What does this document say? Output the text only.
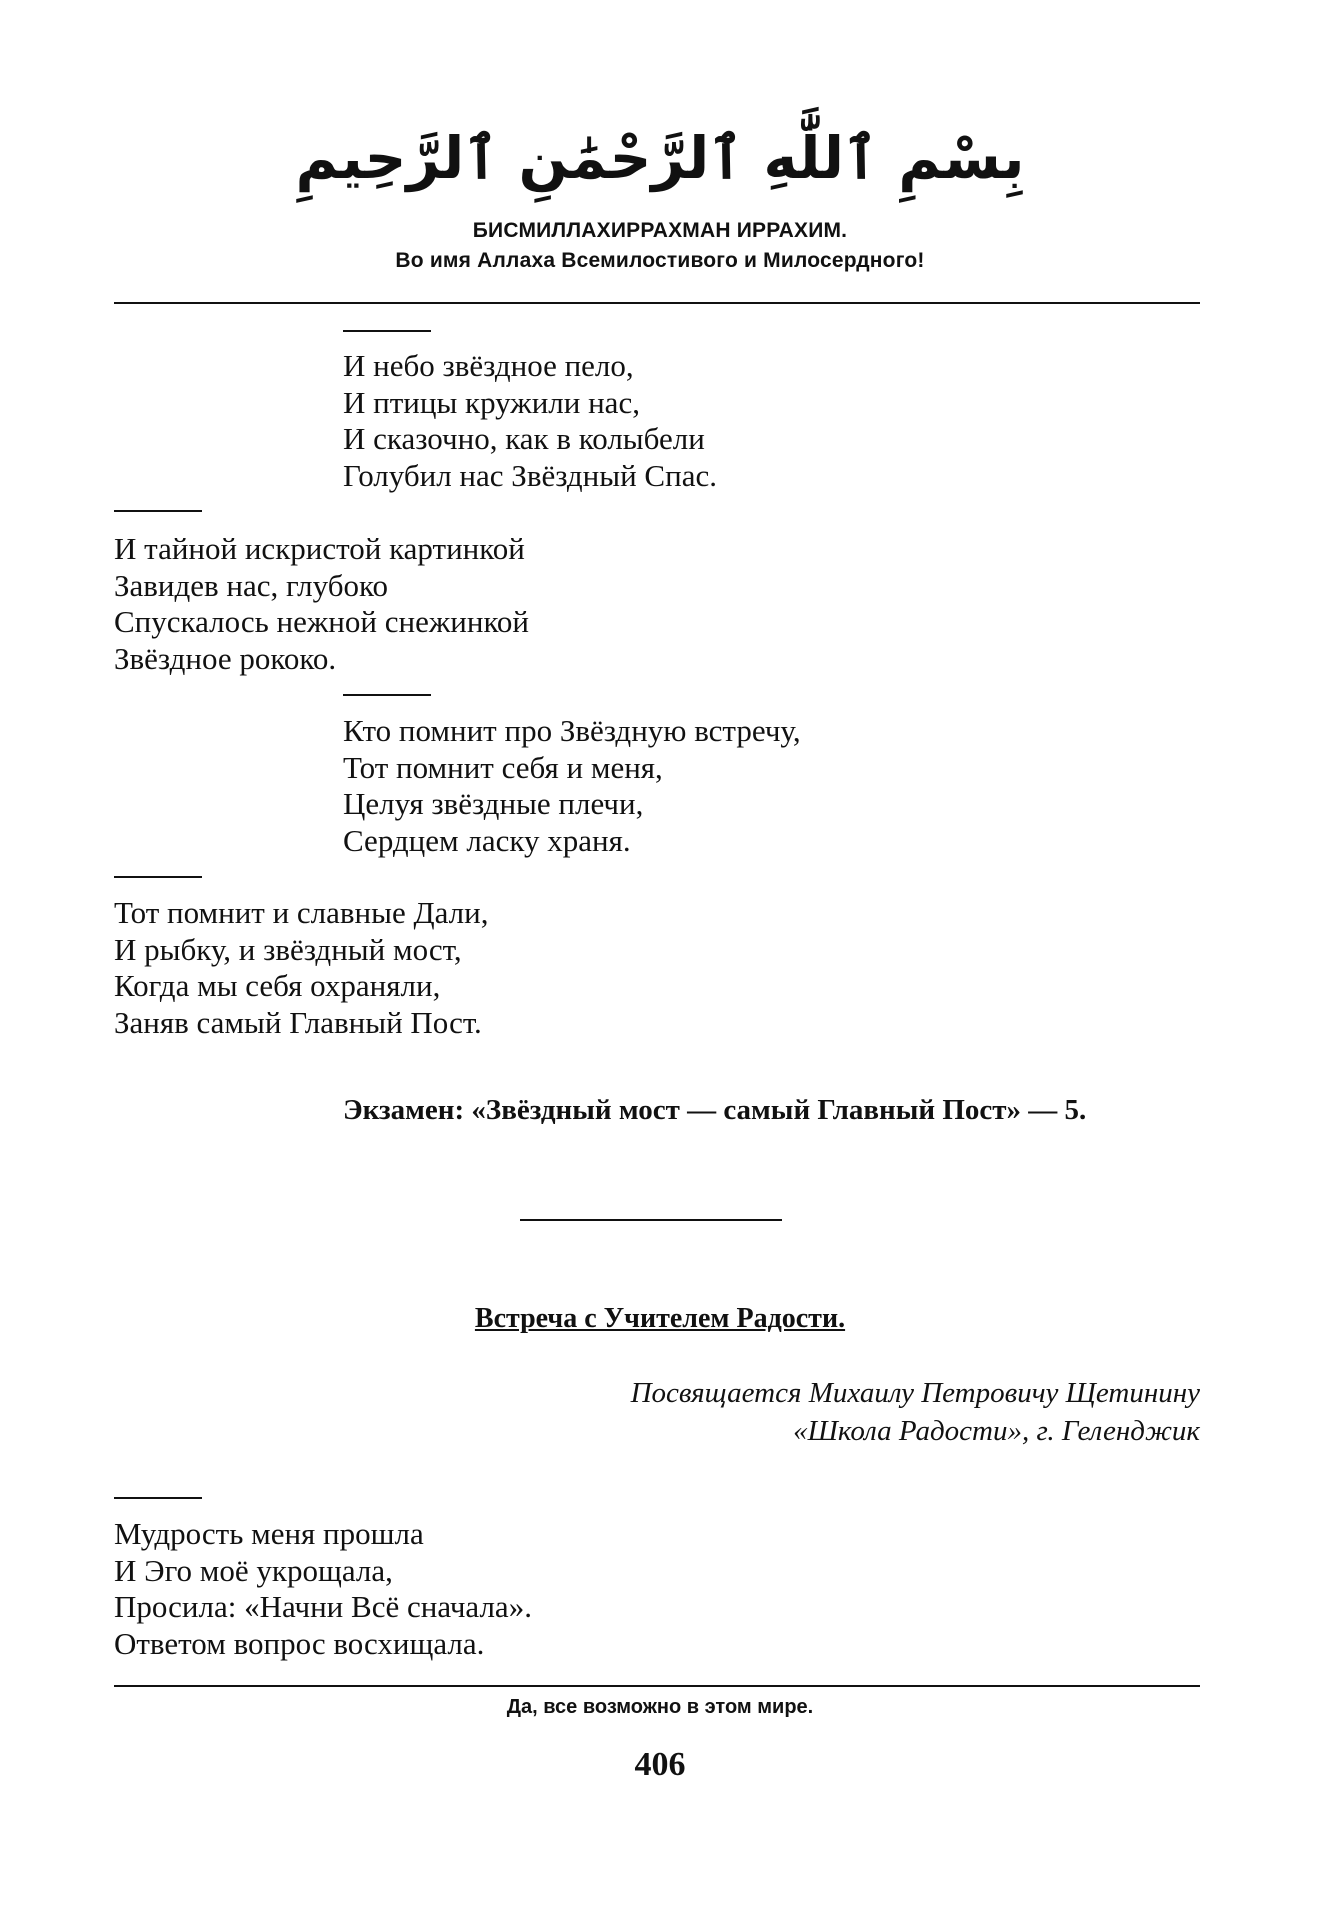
بِسْمِ ٱللَّٰهِ ٱلرَّحْمَٰنِ ٱلرَّحِيمِ
БИСМИЛЛАХИРРАХМАН ИРРАХИМ.
Во имя Аллаха Всемилостивого и Милосердного!
И небо звёздное пело,
И птицы кружили нас,
И сказочно, как в колыбели
Голубил нас Звёздный Спас.
И тайной искристой картинкой
Завидев нас, глубоко
Спускалось нежной снежинкой
Звёздное рококо.
Кто помнит про Звёздную встречу,
Тот помнит себя и меня,
Целуя звёздные плечи,
Сердцем ласку храня.
Тот помнит и славные Дали,
И рыбку, и звёздный мост,
Когда мы себя охраняли,
Заняв самый Главный Пост.
Экзамен: «Звёздный мост — самый Главный Пост» — 5.
Встреча с Учителем Радости.
Посвящается Михаилу Петровичу Щетинину
«Школа Радости», г. Геленджик
Мудрость меня прошла
И Эго моё укрощала,
Просила: «Начни Всё сначала».
Ответом вопрос восхищала.
Да, все возможно в этом мире.
406
